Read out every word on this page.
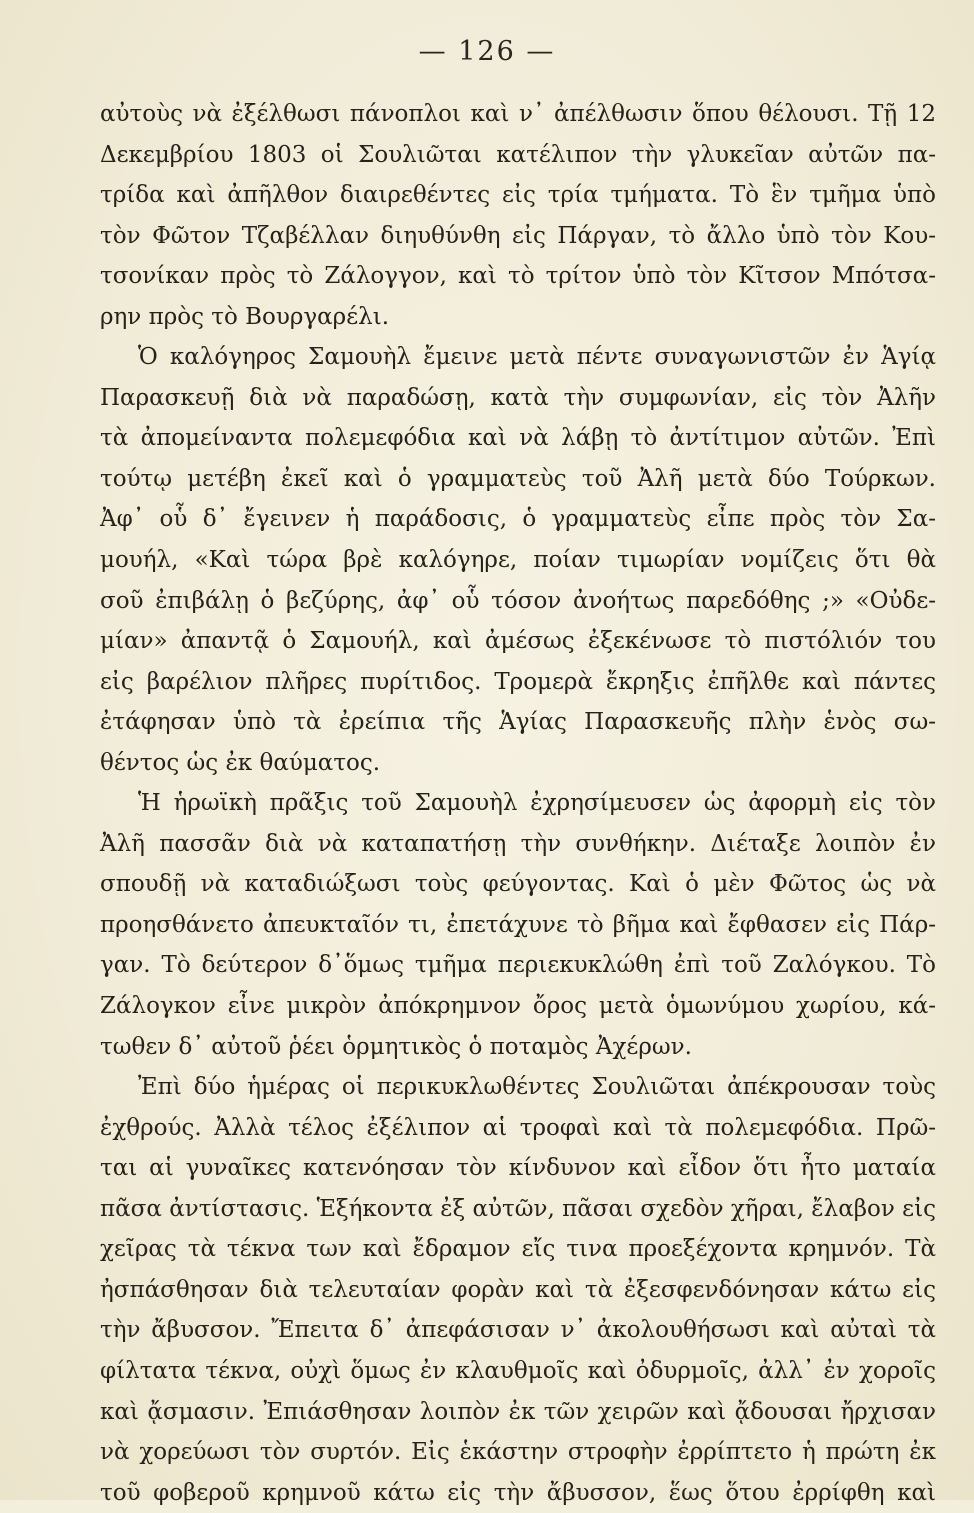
— 126 —
αὐτοὺς νὰ ἐξέλθωσι πάνοπλοι καὶ ν᾽ ἀπέλθωσιν ὅπου θέλουσι. Τῇ 12
Δεκεμβρίου 1803 οἱ Σουλιῶται κατέλιπον τὴν γλυκεῖαν αὐτῶν πα-
τρίδα καὶ ἀπῆλθον διαιρεθέντες εἰς τρία τμήματα. Τὸ ἓν τμῆμα ὑπὸ
τὸν Φῶτον Τζαβέλλαν διηυθύνθη εἰς Πάργαν, τὸ ἄλλο ὑπὸ τὸν Κου-
τσονίκαν πρὸς τὸ Ζάλογγον, καὶ τὸ τρίτον ὑπὸ τὸν Κῖτσον Μπότσα-
ρην πρὸς τὸ Βουργαρέλι.
Ὁ καλόγηρος Σαμουὴλ ἔμεινε μετὰ πέντε συναγωνιστῶν ἐν Ἁγίᾳ
Παρασκευῇ διὰ νὰ παραδώσῃ, κατὰ τὴν συμφωνίαν, εἰς τὸν Ἀλῆν
τὰ ἀπομείναντα πολεμεφόδια καὶ νὰ λάβῃ τὸ ἀντίτιμον αὐτῶν. Ἐπὶ
τούτῳ μετέβη ἐκεῖ καὶ ὁ γραμματεὺς τοῦ Ἀλῆ μετὰ δύο Τούρκων.
Ἀφ᾽ οὗ δ᾽ ἔγεινεν ἡ παράδοσις, ὁ γραμματεὺς εἶπε πρὸς τὸν Σα-
μουήλ, «Καὶ τώρα βρὲ καλόγηρε, ποίαν τιμωρίαν νομίζεις ὅτι θὰ
σοῦ ἐπιβάλῃ ὁ βεζύρης, ἀφ᾽ οὗ τόσον ἀνοήτως παρεδόθης ;» «Οὐδε-
μίαν» ἀπαντᾷ ὁ Σαμουήλ, καὶ ἀμέσως ἐξεκένωσε τὸ πιστόλιόν του
εἰς βαρέλιον πλῆρες πυρίτιδος. Τρομερὰ ἔκρηξις ἐπῆλθε καὶ πάντες
ἐτάφησαν ὑπὸ τὰ ἐρείπια τῆς Ἁγίας Παρασκευῆς πλὴν ἑνὸς σω-
θέντος ὡς ἐκ θαύματος.
Ἡ ἡρωϊκὴ πρᾶξις τοῦ Σαμουὴλ ἐχρησίμευσεν ὡς ἀφορμὴ εἰς τὸν
Ἀλῆ πασσᾶν διὰ νὰ καταπατήσῃ τὴν συνθήκην. Διέταξε λοιπὸν ἐν
σπουδῇ νὰ καταδιώξωσι τοὺς φεύγοντας. Καὶ ὁ μὲν Φῶτος ὡς νὰ
προησθάνετο ἀπευκταῖόν τι, ἐπετάχυνε τὸ βῆμα καὶ ἔφθασεν εἰς Πάρ-
γαν. Τὸ δεύτερον δ᾽ὅμως τμῆμα περιεκυκλώθη ἐπὶ τοῦ Ζαλόγκου. Τὸ
Ζάλογκον εἶνε μικρὸν ἀπόκρημνον ὄρος μετὰ ὁμωνύμου χωρίου, κά-
τωθεν δ᾽ αὐτοῦ ῥέει ὁρμητικὸς ὁ ποταμὸς Ἀχέρων.
Ἐπὶ δύο ἡμέρας οἱ περικυκλωθέντες Σουλιῶται ἀπέκρουσαν τοὺς
ἐχθρούς. Ἀλλὰ τέλος ἐξέλιπον αἱ τροφαὶ καὶ τὰ πολεμεφόδια. Πρῶ-
ται αἱ γυναῖκες κατενόησαν τὸν κίνδυνον καὶ εἶδον ὅτι ἦτο ματαία
πᾶσα ἀντίστασις. Ἑξήκοντα ἐξ αὐτῶν, πᾶσαι σχεδὸν χῆραι, ἔλαβον εἰς
χεῖρας τὰ τέκνα των καὶ ἔδραμον εἴς τινα προεξέχοντα κρημνόν. Τὰ
ἠσπάσθησαν διὰ τελευταίαν φορὰν καὶ τὰ ἐξεσφενδόνησαν κάτω εἰς
τὴν ἄβυσσον. Ἔπειτα δ᾽ ἀπεφάσισαν ν᾽ ἀκολουθήσωσι καὶ αὐταὶ τὰ
φίλτατα τέκνα, οὐχὶ ὅμως ἐν κλαυθμοῖς καὶ ὀδυρμοῖς, ἀλλ᾽ ἐν χοροῖς
καὶ ᾄσμασιν. Ἐπιάσθησαν λοιπὸν ἐκ τῶν χειρῶν καὶ ᾄδουσαι ἤρχισαν
νὰ χορεύωσι τὸν συρτόν. Εἰς ἑκάστην στροφὴν ἐρρίπτετο ἡ πρώτη ἐκ
τοῦ φοβεροῦ κρημνοῦ κάτω εἰς τὴν ἄβυσσον, ἕως ὅτου ἐρρίφθη καὶ
